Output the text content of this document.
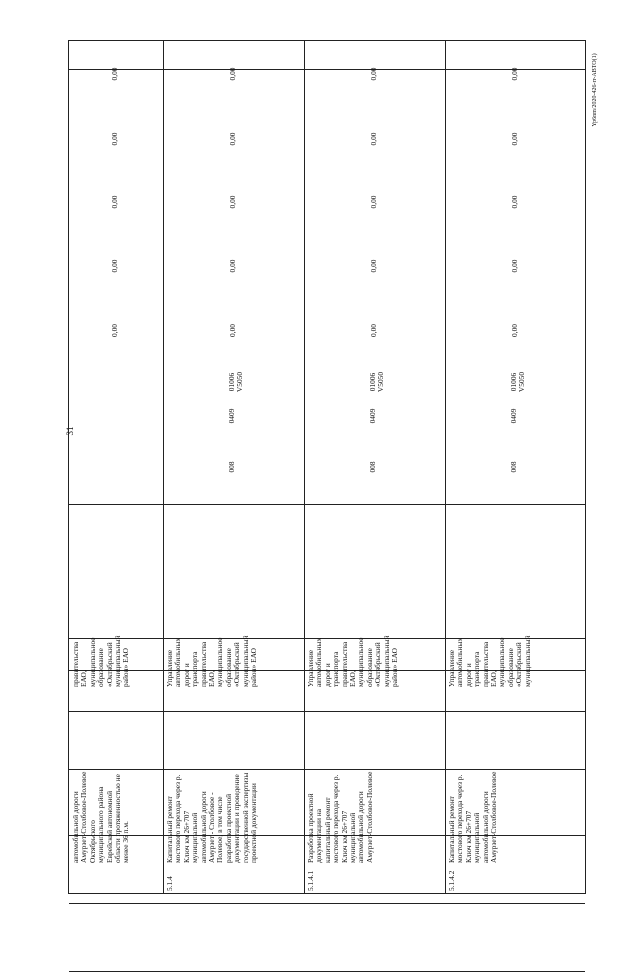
31
Yp6nm/2020-426-rr-ABTO(1)
автомобильной дороги
Амурзет-Столбовое-Полевое
Октябрьского
муниципального района
Еврейской автономной
области протяженностью не
менее 36 п.м.
правительства
ЕАО,
муниципальное
образование
«Октябрьский
муниципальный
район» ЕАО
0,00
0,00
0,00
0,00
0,00
5.1.4
Капитальный ремонт
мостового перехода через р.
Ключ км 26+707
муниципальной
автомобильной дороги
Амурзет - Столбовое -
Полевое, в том числе
разработка проектной
документации и проведение
государственной экспертизы
проектной документации
Управление
автомобильных
дорог и
транспорта
правительства
ЕАО,
муниципальное
образование
«Октябрьский
муниципальный
район» ЕАО
008
0409
01006
V5050
0,00
0,00
0,00
0,00
0,00
5.1.4.1
Разработка проектной
документации на
капитальный ремонт
мостового перехода через р.
Ключ км 26+707
муниципальной
автомобильной дороги
Амурзет-Столбовое-Полевое
Управление
автомобильных
дорог и
транспорта
правительства
ЕАО,
муниципальное
образование
«Октябрьский
муниципальный
район» ЕАО
008
0409
01006
V5050
0,00
0,00
0,00
0,00
0,00
5.1.4.2
Капитальный ремонт
мостового перехода через р.
Ключ км 26+707
муниципальной
автомобильной дороги
Амурзет-Столбовое-Полевое
Управление
автомобильных
дорог и
транспорта
правительства
ЕАО,
муниципальное
образование
«Октябрьский
муниципальный
008
0409
01006
V5050
0,00
0,00
0,00
0,00
0,00
